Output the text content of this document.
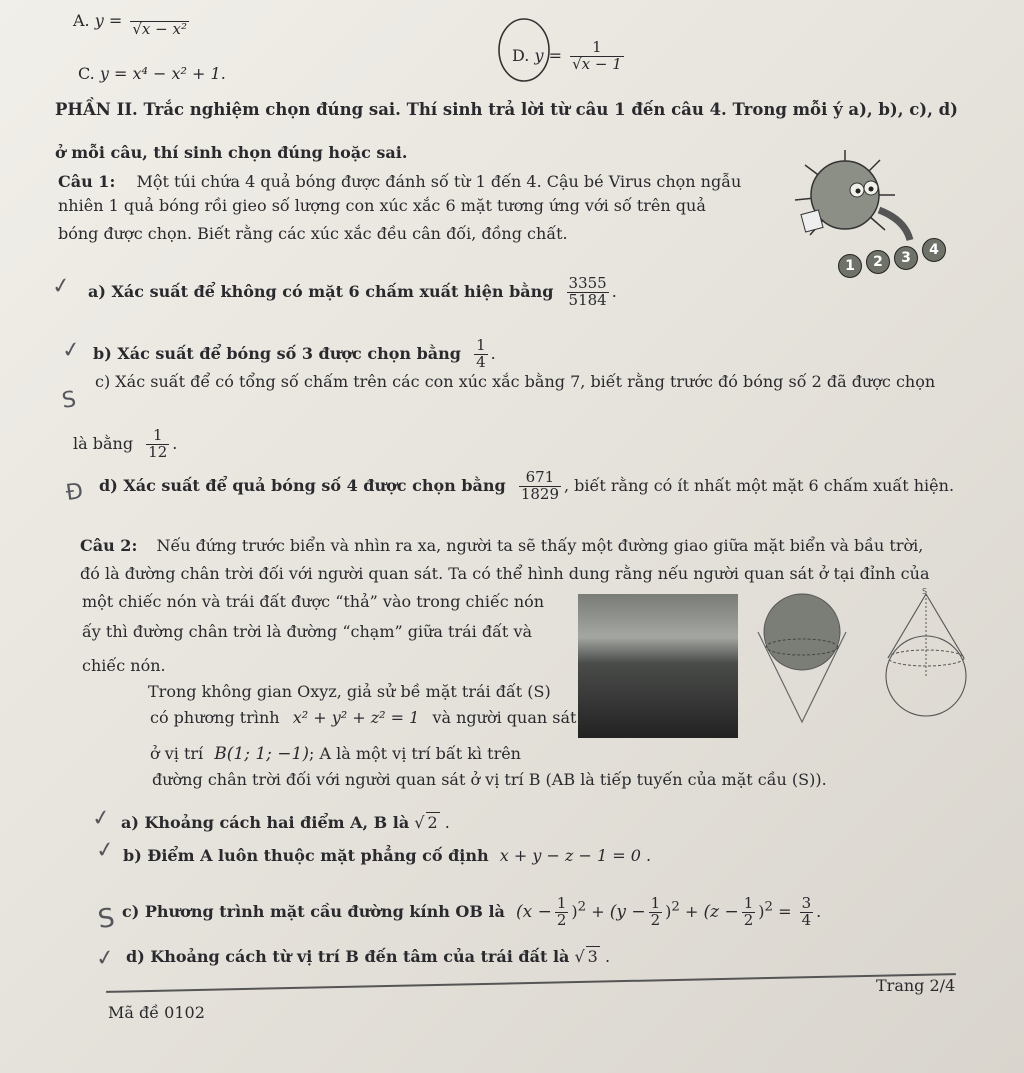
A. y =
√x − x²
C. y = x⁴ − x² + 1.
D. $y = \frac{1}{√x - 1}$
PHẦN II. Trắc nghiệm chọn đúng sai. Thí sinh trả lời từ câu 1 đến câu 4. Trong mỗi ý a), b), c), d)
ở mỗi câu, thí sinh chọn đúng hoặc sai.
Câu 1: Một túi chứa 4 quả bóng được đánh số từ 1 đến 4. Cậu bé Virus chọn ngẫu
nhiên 1 quả bóng rồi gieo số lượng con xúc xắc 6 mặt tương ứng với số trên quả
bóng được chọn. Biết rằng các xúc xắc đều cân đối, đồng chất.
1	2	3	4
✓ a) Xác suất để không có mặt 6 chấm xuất hiện bằng $\frac{3355}{5184}$ .
✓ b) Xác suất để bóng số 3 được chọn bằng $\frac{1}{4}$ .
S
c) Xác suất để có tổng số chấm trên các con xúc xắc bằng 7, biết rằng trước đó bóng số 2 đã được chọn
là bằng $\frac{1}{12}$ .
Đ d) Xác suất để quả bóng số 4 được chọn bằng $\frac{671}{1829}$ , biết rằng có ít nhất một mặt 6 chấm xuất hiện.
Câu 2: Nếu đứng trước biển và nhìn ra xa, người ta sẽ thấy một đường giao giữa mặt biển và bầu trời,
đó là đường chân trời đối với người quan sát. Ta có thể hình dung rằng nếu người quan sát ở tại đỉnh của
một chiếc nón và trái đất được “thả” vào trong chiếc nón
ấy thì đường chân trời là đường “chạm” giữa trái đất và
chiếc nón.
S
Trong không gian Oxyz, giả sử bề mặt trái đất (S)
có phương trình x² + y² + z² = 1 và người quan sát
ở vị trí B(1; 1; −1); A là một vị trí bất kì trên
đường chân trời đối với người quan sát ở vị trí B (AB là tiếp tuyến của mặt cầu (S)).
✓ a) Khoảng cách hai điểm A, B là √ 2 .
✓ b) Điểm A luôn thuộc mặt phẳng cố định x + y − z − 1 = 0 .
S c) Phương trình mặt cầu đường kính OB là $(x - \frac{1}{2} )^2 + (y - \frac{1}{2} )^2 + (z - \frac{1}{2} )^2 = \frac{3}{4}$ .
✓ d) Khoảng cách từ vị trí B đến tâm của trái đất là √ 3 .
Trang 2/4
Mã đề 0102
